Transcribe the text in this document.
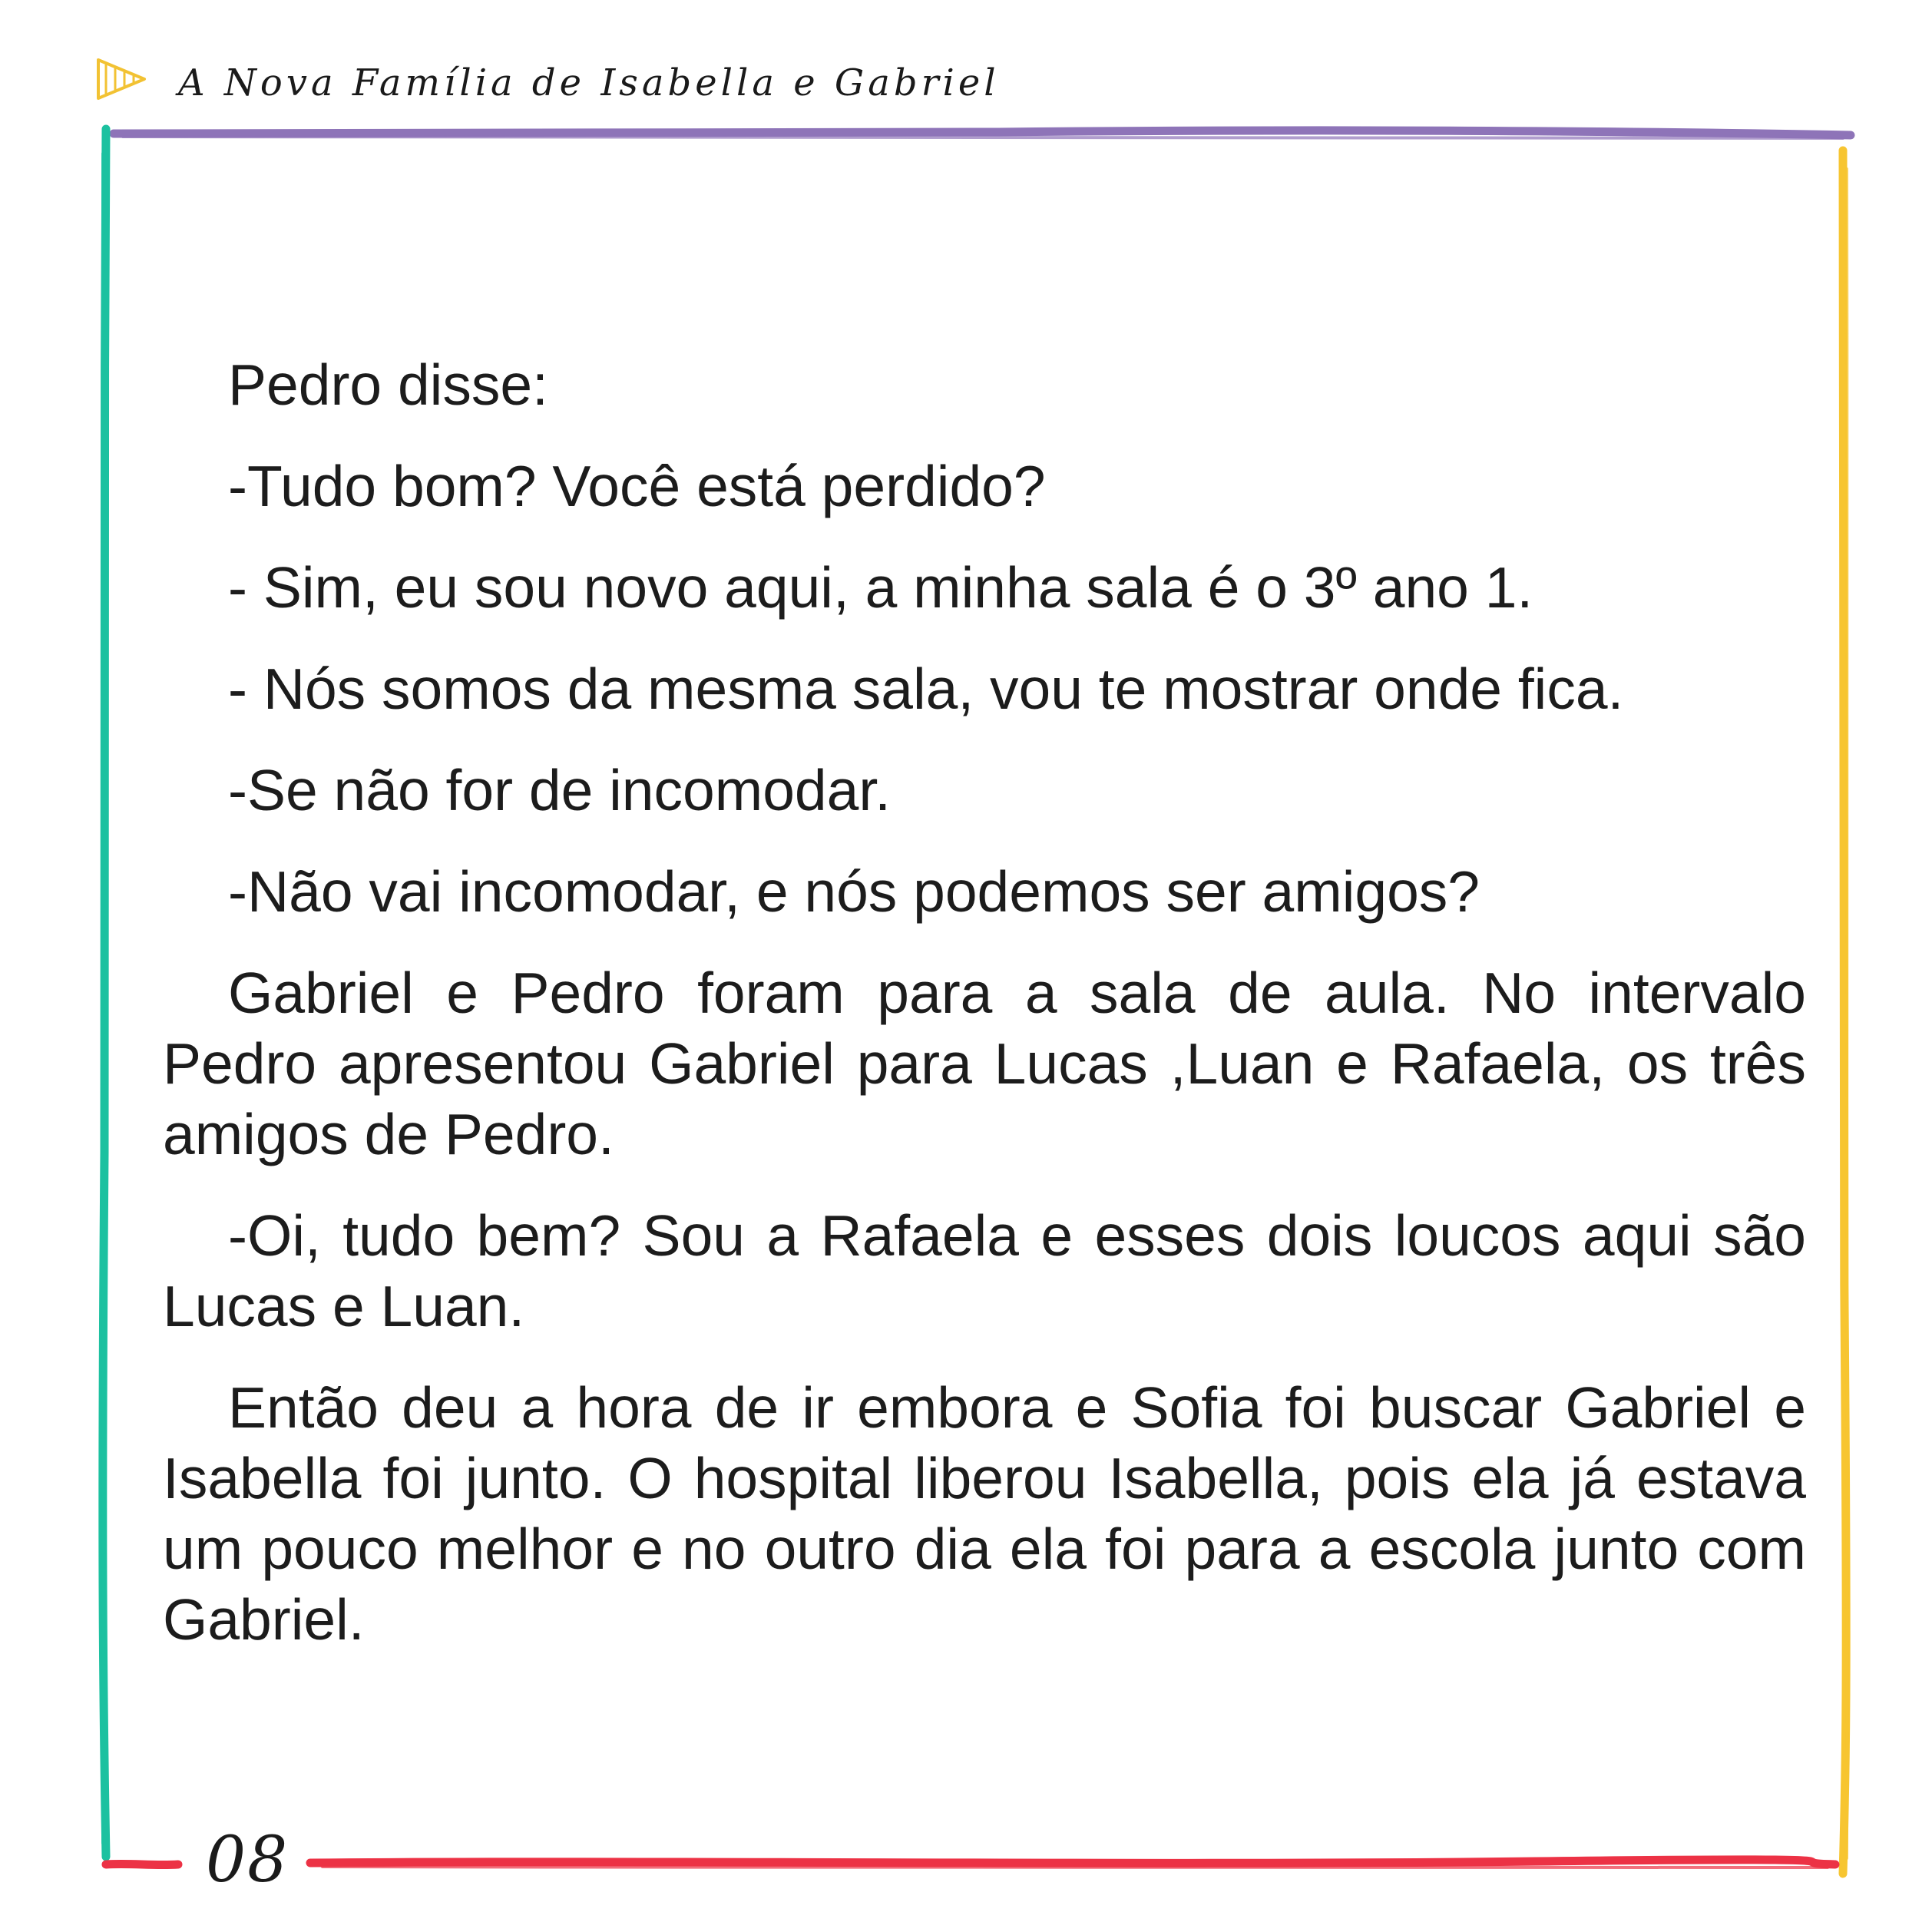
A Nova Família de Isabella e Gabriel

Pedro disse:

-Tudo bom? Você está perdido?

- Sim, eu sou novo aqui, a minha sala é o 3º ano 1.

- Nós somos da mesma sala, vou te mostrar onde fica.

-Se não for de incomodar.

-Não vai incomodar, e nós podemos ser amigos?

Gabriel e Pedro foram para a sala de aula. No intervalo Pedro apresentou Gabriel para Lucas ,Luan e Rafaela, os três amigos de Pedro.

-Oi, tudo bem? Sou a Rafaela e esses dois loucos aqui são Lucas e Luan.

Então deu a hora de ir embora e Sofia foi buscar Gabriel e Isabella foi junto. O hospital liberou Isabella, pois ela já estava um pouco melhor e no outro dia ela foi para a escola junto com Gabriel.

08
